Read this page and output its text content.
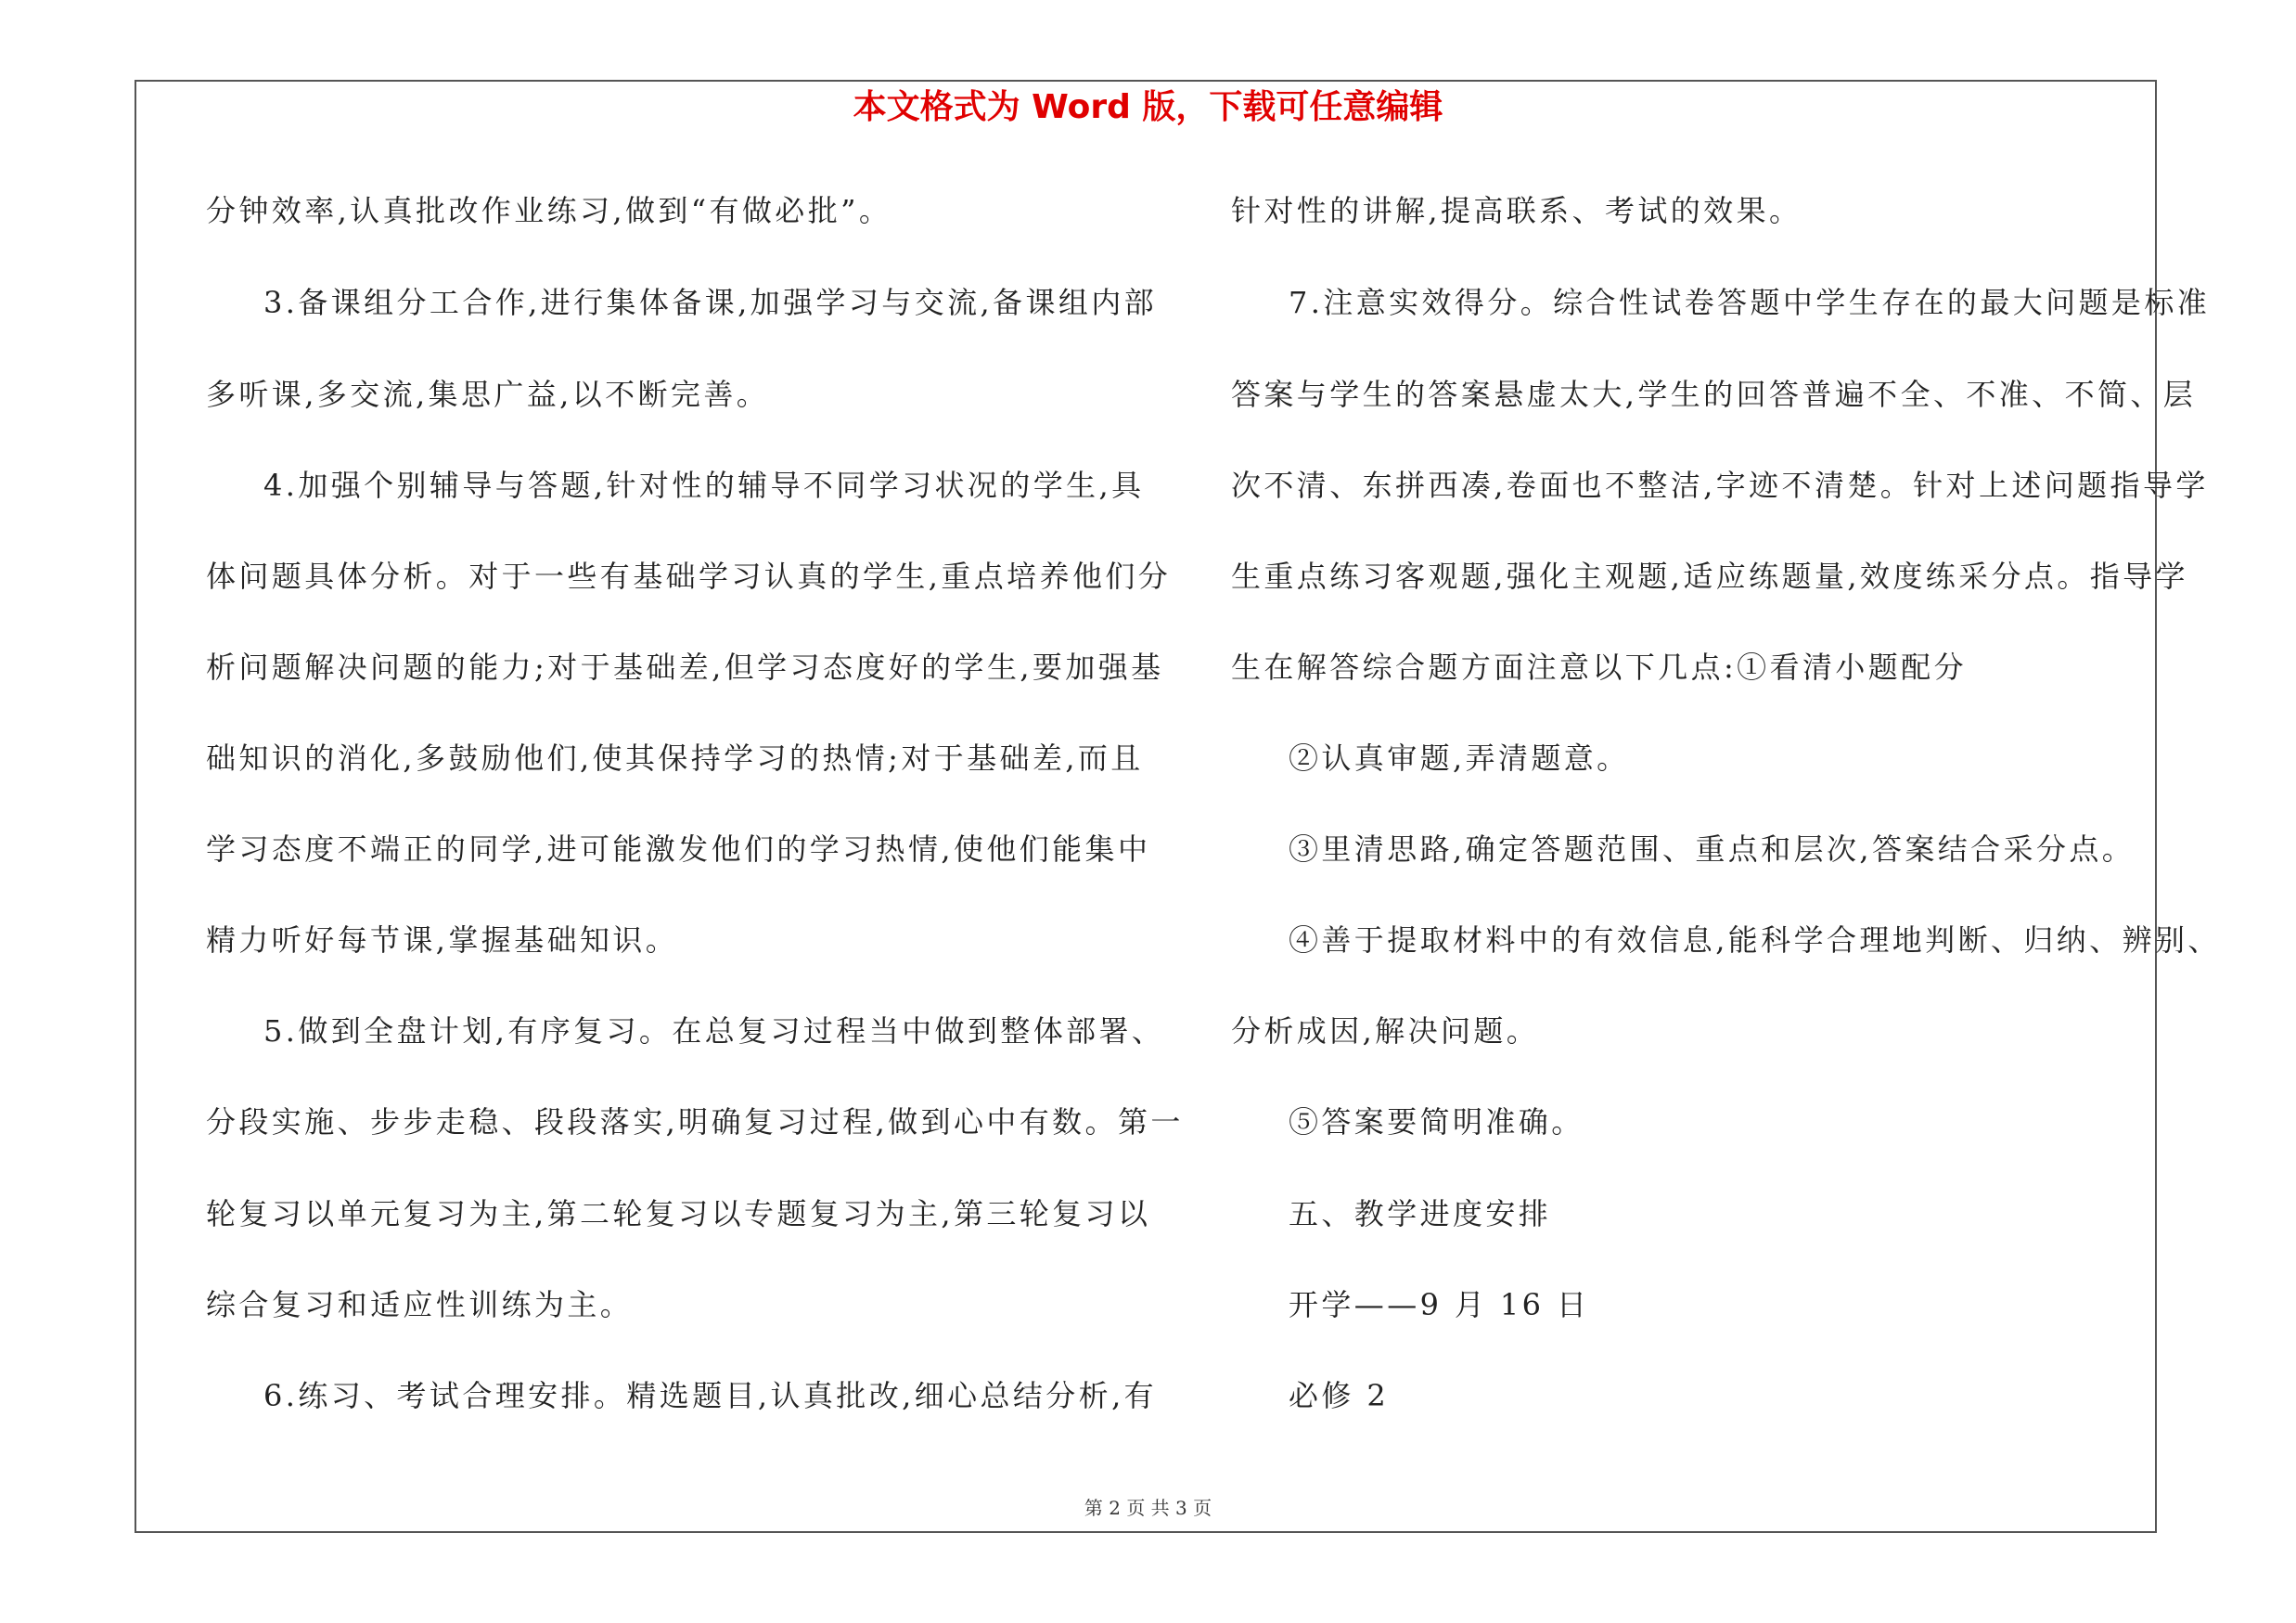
本文格式为 Word 版，下载可任意编辑
分钟效率,认真批改作业练习,做到“有做必批”。
3.备课组分工合作,进行集体备课,加强学习与交流,备课组内部
多听课,多交流,集思广益,以不断完善。
4.加强个别辅导与答题,针对性的辅导不同学习状况的学生,具
体问题具体分析。对于一些有基础学习认真的学生,重点培养他们分
析问题解决问题的能力;对于基础差,但学习态度好的学生,要加强基
础知识的消化,多鼓励他们,使其保持学习的热情;对于基础差,而且
学习态度不端正的同学,进可能激发他们的学习热情,使他们能集中
精力听好每节课,掌握基础知识。
5.做到全盘计划,有序复习。在总复习过程当中做到整体部署、
分段实施、步步走稳、段段落实,明确复习过程,做到心中有数。第一
轮复习以单元复习为主,第二轮复习以专题复习为主,第三轮复习以
综合复习和适应性训练为主。
6.练习、考试合理安排。精选题目,认真批改,细心总结分析,有
针对性的讲解,提高联系、考试的效果。
7.注意实效得分。综合性试卷答题中学生存在的最大问题是标准
答案与学生的答案悬虚太大,学生的回答普遍不全、不准、不简、层
次不清、东拼西凑,卷面也不整洁,字迹不清楚。针对上述问题指导学
生重点练习客观题,强化主观题,适应练题量,效度练采分点。指导学
生在解答综合题方面注意以下几点:①看清小题配分
②认真审题,弄清题意。
③里清思路,确定答题范围、重点和层次,答案结合采分点。
④善于提取材料中的有效信息,能科学合理地判断、归纳、辨别、
分析成因,解决问题。
⑤答案要简明准确。
五、教学进度安排
开学——9 月 16 日
必修 2
第 2 页 共 3 页
